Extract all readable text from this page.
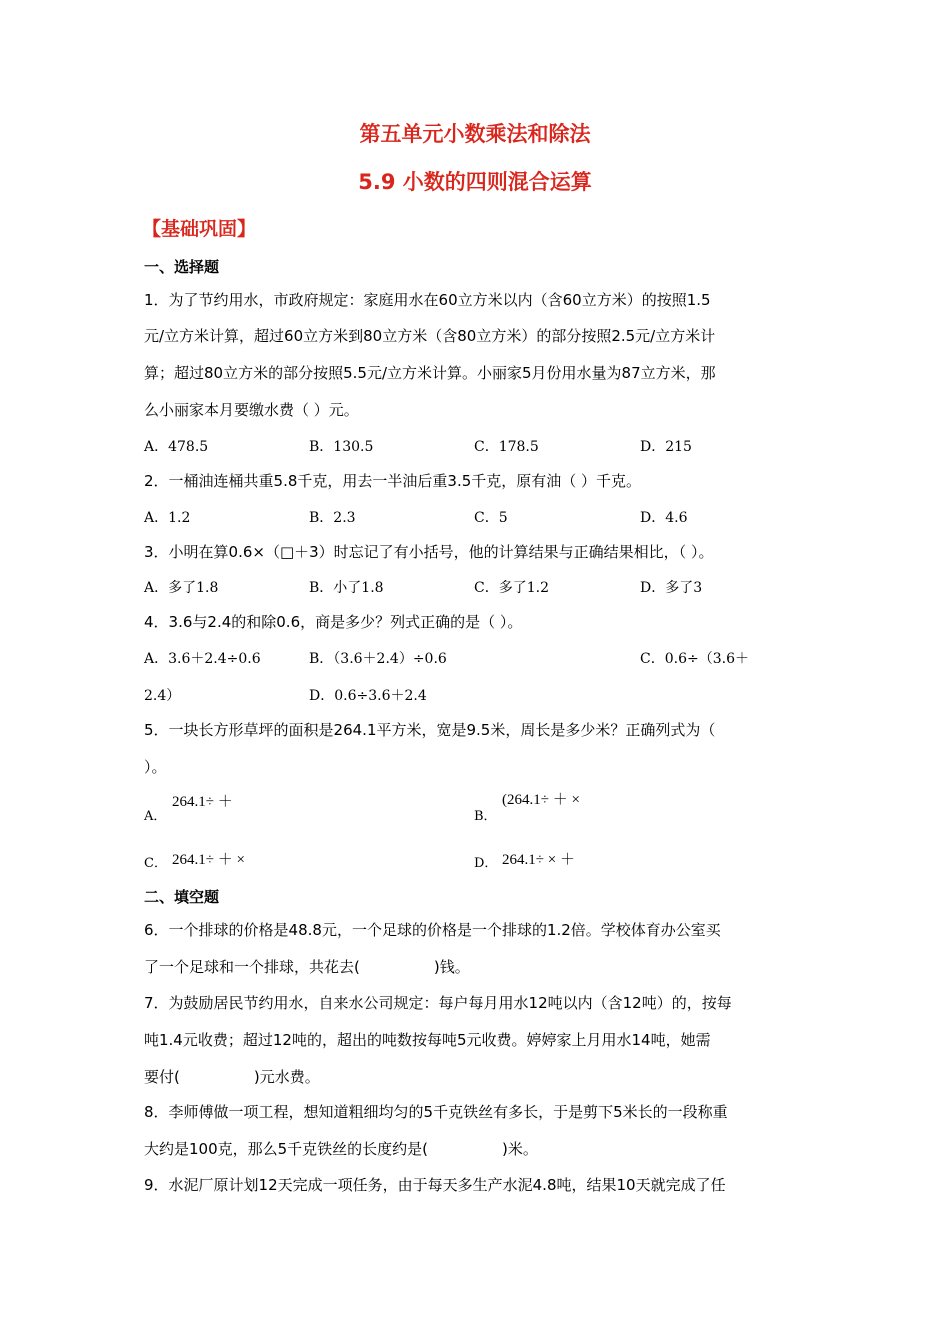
第五单元小数乘法和除法
5.9 小数的四则混合运算
【基础巩固】
一、选择题
1．为了节约用水，市政府规定：家庭用水在60立方米以内（含60立方米）的按照1.5
元/立方米计算，超过60立方米到80立方米（含80立方米）的部分按照2.5元/立方米计
算；超过80立方米的部分按照5.5元/立方米计算。小丽家5月份用水量为87立方米，那
么小丽家本月要缴水费（ ）元。
A．478.5	B．130.5	C．178.5	D．215
2．一桶油连桶共重5.8千克，用去一半油后重3.5千克，原有油（ ）千克。
A．1.2	B．2.3	C．5	D．4.6
3．小明在算0.6×（□＋3）时忘记了有小括号，他的计算结果与正确结果相比，（ ）。
A．多了1.8	B．小了1.8	C．多了1.2	D．多了3
4．3.6与2.4的和除0.6，商是多少？列式正确的是（ ）。
A．3.6＋2.4÷0.6	B．（3.6＋2.4）÷0.6	C．0.6÷（3.6＋
2.4）	D．0.6÷3.6＋2.4
5．一块长方形草坪的面积是264.1平方米，宽是9.5米，周长是多少米？正确列式为（
）。
A．
264.1÷ ＋
B．
(264.1÷ ＋ ×
C． 264.1÷ ＋ ×	D． 264.1÷ × ＋
二、填空题
6．一个排球的价格是48.8元，一个足球的价格是一个排球的1.2倍。学校体育办公室买
了一个足球和一个排球，共花去(	)钱。
7．为鼓励居民节约用水，自来水公司规定：每户每月用水12吨以内（含12吨）的，按每
吨1.4元收费；超过12吨的，超出的吨数按每吨5元收费。婷婷家上月用水14吨，她需
要付(	)元水费。
8．李师傅做一项工程，想知道粗细均匀的5千克铁丝有多长，于是剪下5米长的一段称重
大约是100克，那么5千克铁丝的长度约是(	)米。
9．水泥厂原计划12天完成一项任务，由于每天多生产水泥4.8吨，结果10天就完成了任
